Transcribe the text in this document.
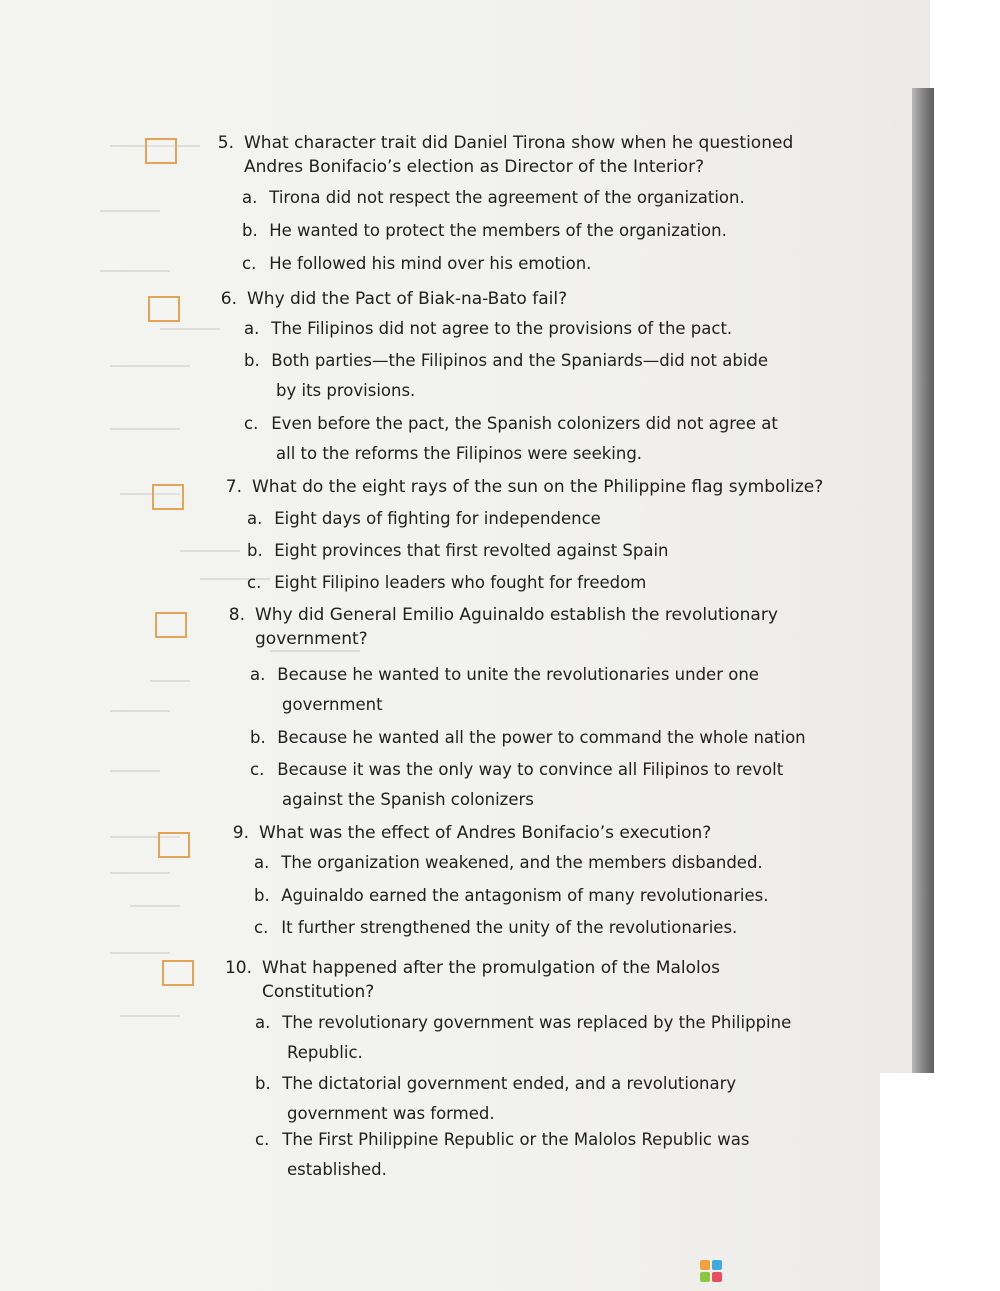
5. What character trait did Daniel Tirona show when he questioned
Andres Bonifacio’s election as Director of the Interior?
a. Tirona did not respect the agreement of the organization.
b. He wanted to protect the members of the organization.
c. He followed his mind over his emotion.
6. Why did the Pact of Biak-na-Bato fail?
a. The Filipinos did not agree to the provisions of the pact.
b. Both parties—the Filipinos and the Spaniards—did not abide
by its provisions.
c. Even before the pact, the Spanish colonizers did not agree at
all to the reforms the Filipinos were seeking.
7. What do the eight rays of the sun on the Philippine flag symbolize?
a. Eight days of fighting for independence
b. Eight provinces that first revolted against Spain
c. Eight Filipino leaders who fought for freedom
8. Why did General Emilio Aguinaldo establish the revolutionary
government?
a. Because he wanted to unite the revolutionaries under one
government
b. Because he wanted all the power to command the whole nation
c. Because it was the only way to convince all Filipinos to revolt
against the Spanish colonizers
9. What was the effect of Andres Bonifacio’s execution?
a. The organization weakened, and the members disbanded.
b. Aguinaldo earned the antagonism of many revolutionaries.
c. It further strengthened the unity of the revolutionaries.
10. What happened after the promulgation of the Malolos
Constitution?
a. The revolutionary government was replaced by the Philippine
Republic.
b. The dictatorial government ended, and a revolutionary
government was formed.
c. The First Philippine Republic or the Malolos Republic was
established.
